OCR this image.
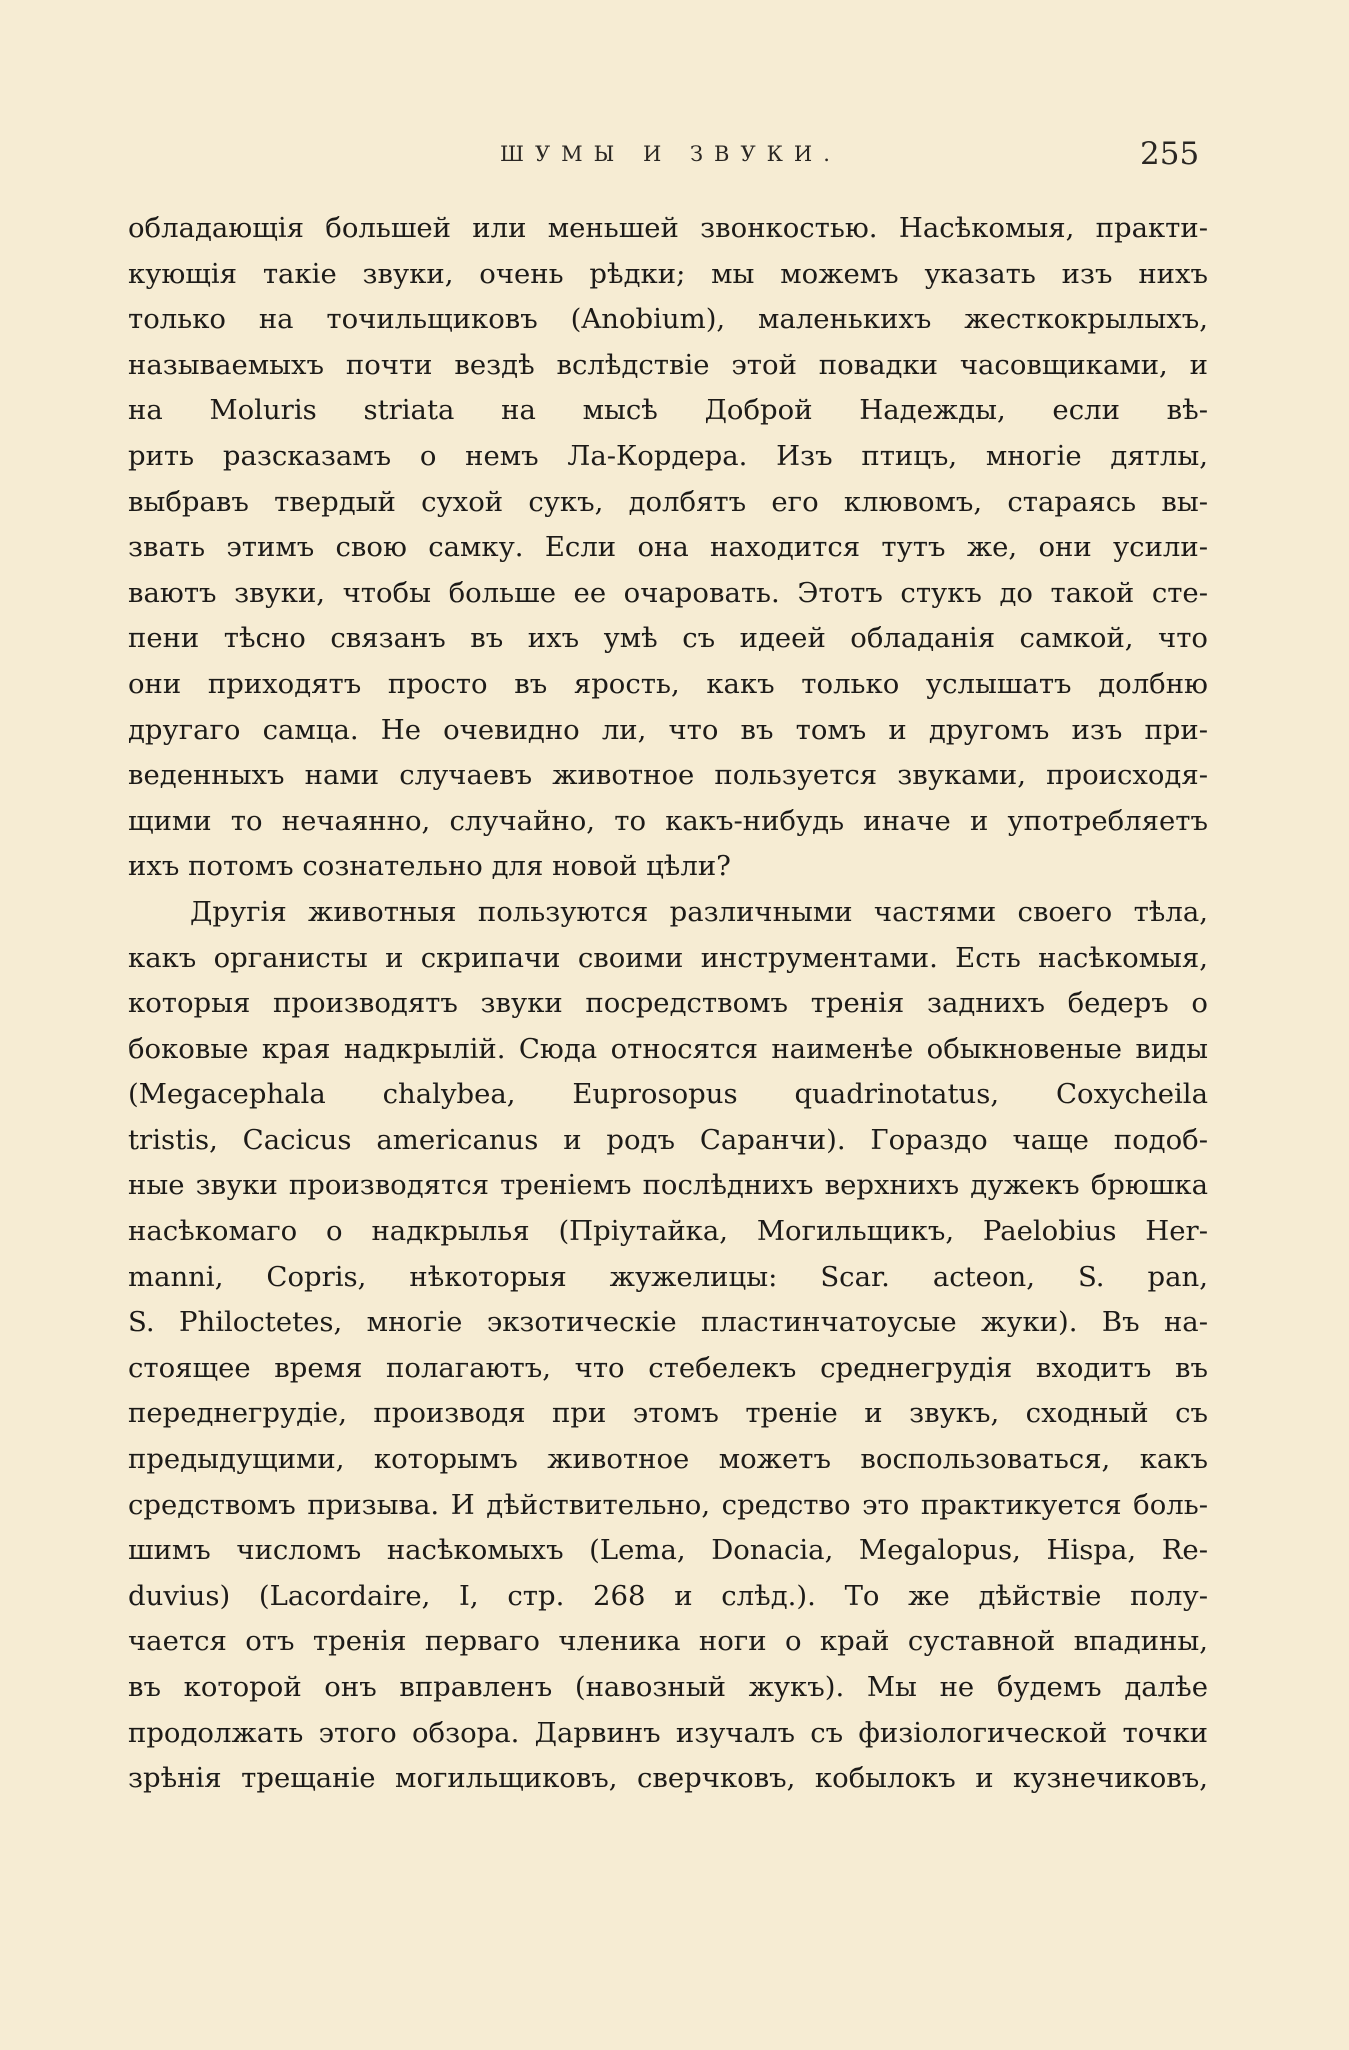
ШУМЫ И ЗВУКИ.	255
обладающія большей или меньшей звонкостью. Насѣкомыя, практи-
кующія такіе звуки, очень рѣдки; мы можемъ указать изъ нихъ
только на точильщиковъ (Anobium), маленькихъ жесткокрылыхъ,
называемыхъ почти вездѣ вслѣдствіе этой повадки часовщиками, и
на Moluris striata на мысѣ Доброй Надежды, если вѣ-
рить разсказамъ о немъ Ла-Кордера. Изъ птицъ, многіе дятлы,
выбравъ твердый сухой сукъ, долбятъ его клювомъ, стараясь вы-
звать этимъ свою самку. Если она находится тутъ же, они усили-
ваютъ звуки, чтобы больше ее очаровать. Этотъ стукъ до такой сте-
пени тѣсно связанъ въ ихъ умѣ съ идеей обладанія самкой, что
они приходятъ просто въ ярость, какъ только услышатъ долбню
другаго самца. Не очевидно ли, что въ томъ и другомъ изъ при-
веденныхъ нами случаевъ животное пользуется звуками, происходя-
щими то нечаянно, случайно, то какъ-нибудь иначе и употребляетъ
ихъ потомъ сознательно для новой цѣли?
Другія животныя пользуются различными частями своего тѣла,
какъ органисты и скрипачи своими инструментами. Есть насѣкомыя,
которыя производятъ звуки посредствомъ тренія заднихъ бедеръ о
боковые края надкрылій. Сюда относятся наименѣе обыкновеные виды
(Megacephala chalybea, Euprosopus quadrinotatus, Coxycheila
tristis, Cacicus americanus и родъ Саранчи). Гораздо чаще подоб-
ные звуки производятся треніемъ послѣднихъ верхнихъ дужекъ брюшка
насѣкомаго о надкрылья (Пріутайка, Могильщикъ, Paelobius Her-
manni, Copris, нѣкоторыя жужелицы: Scar. acteon, S. pan,
S. Philoctetes, многіе экзотическіе пластинчатоусые жуки). Въ на-
стоящее время полагаютъ, что стебелекъ среднегрудія входитъ въ
переднегрудіе, производя при этомъ треніе и звукъ, сходный съ
предыдущими, которымъ животное можетъ воспользоваться, какъ
средствомъ призыва. И дѣйствительно, средство это практикуется боль-
шимъ числомъ насѣкомыхъ (Lema, Donacia, Megalopus, Hispa, Re-
duvius) (Lacordaire, I, стр. 268 и слѣд.). То же дѣйствіе полу-
чается отъ тренія перваго членика ноги о край суставной впадины,
въ которой онъ вправленъ (навозный жукъ). Мы не будемъ далѣе
продолжать этого обзора. Дарвинъ изучалъ съ физіологической точки
зрѣнія трещаніе могильщиковъ, сверчковъ, кобылокъ и кузнечиковъ,
